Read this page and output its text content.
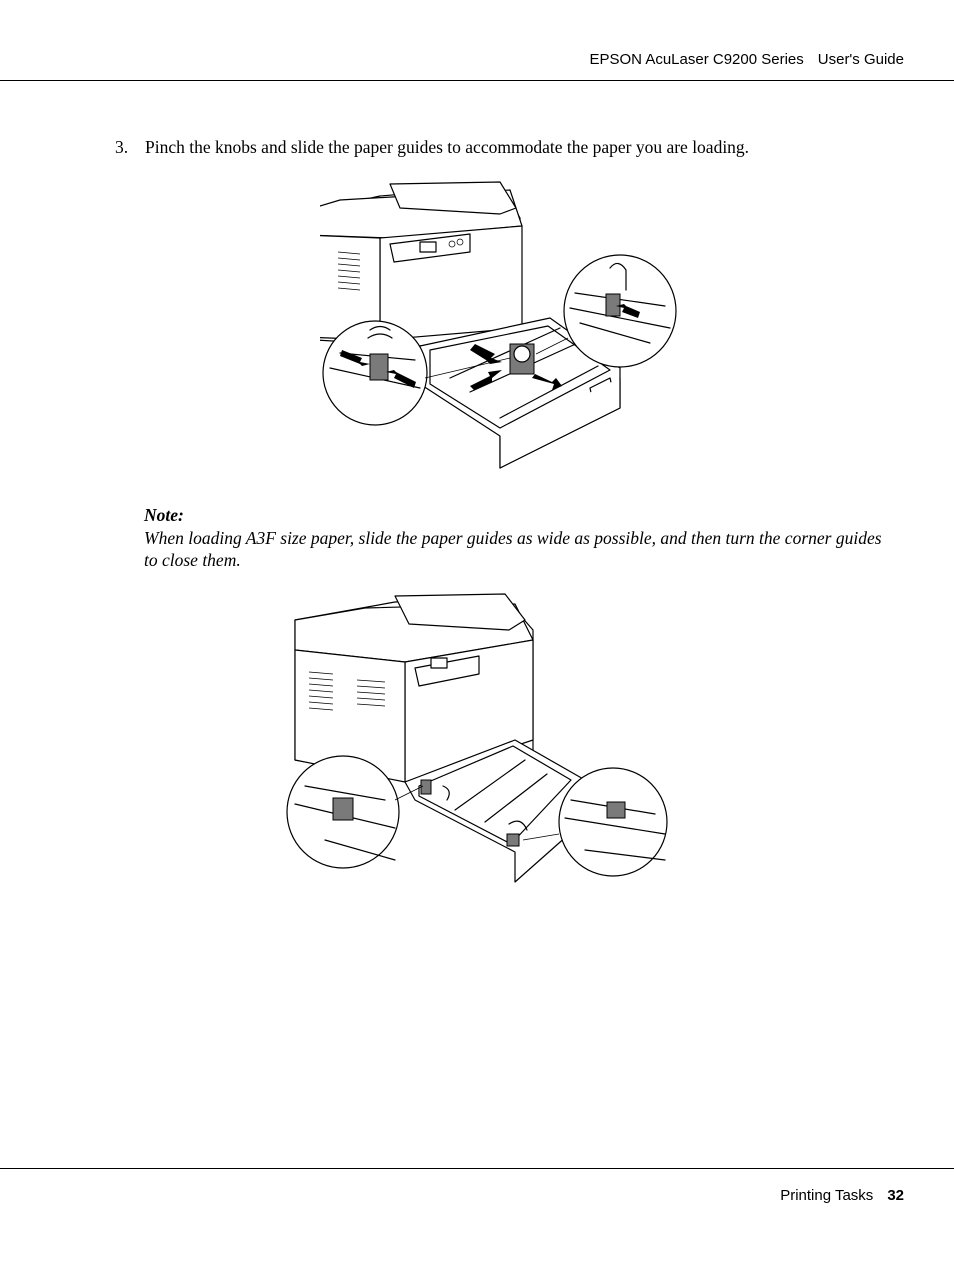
EPSON AcuLaser C9200 Series User's Guide
3. Pinch the knobs and slide the paper guides to accommodate the paper you are loading.
Note:
When loading A3F size paper, slide the paper guides as wide as possible, and then turn the corner guides to close them.
Printing Tasks 32
